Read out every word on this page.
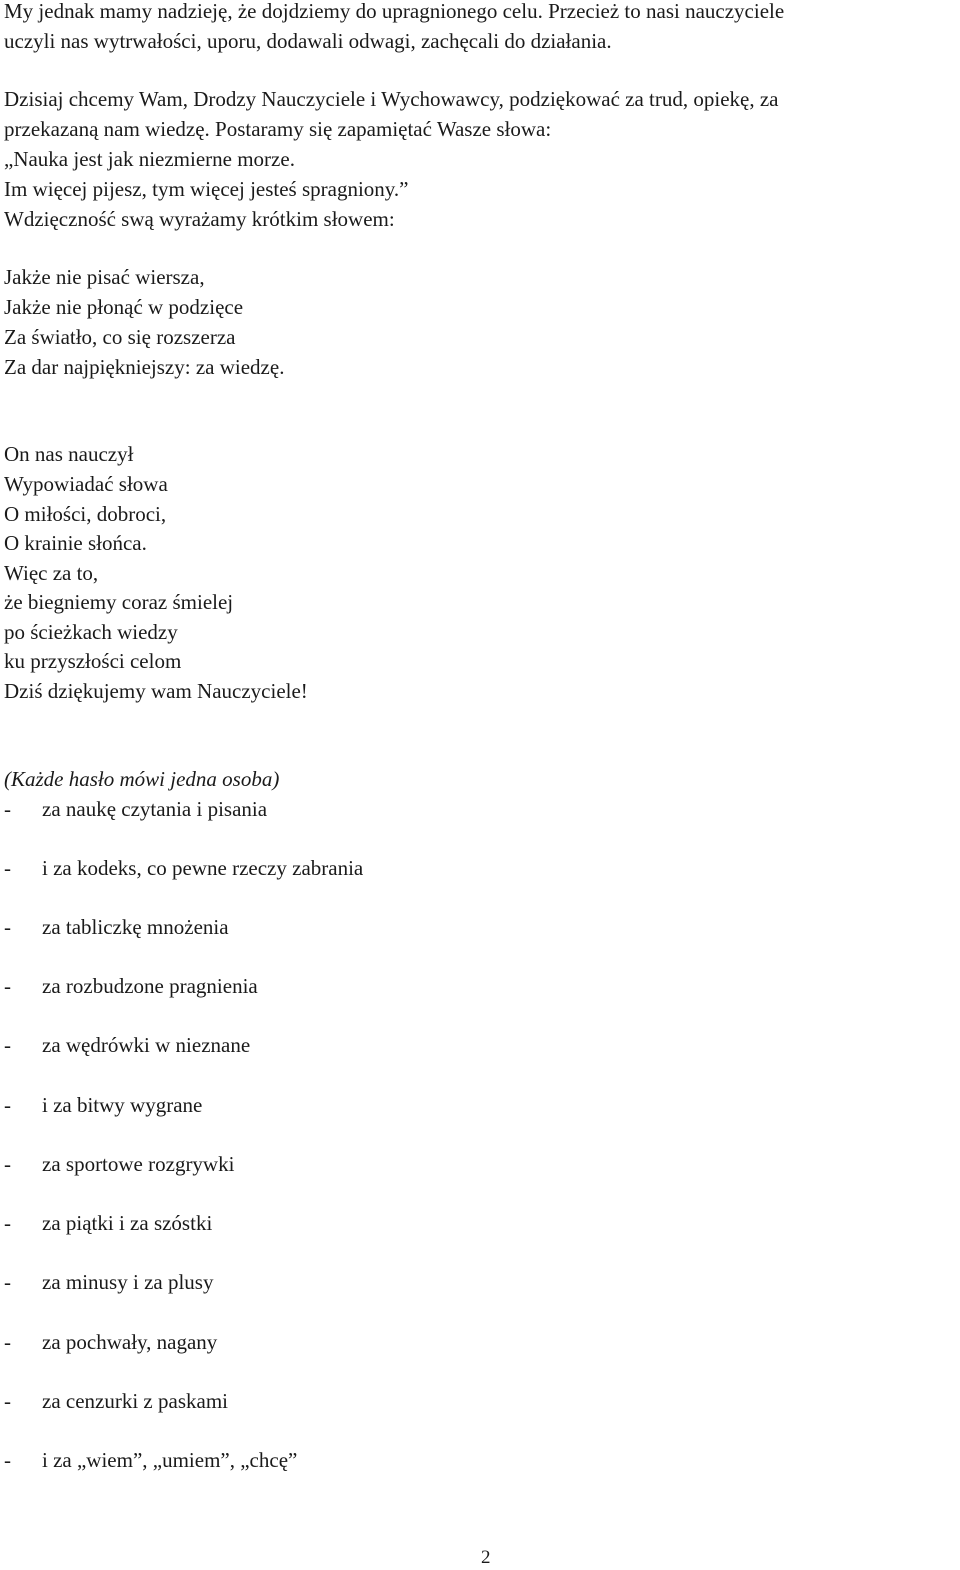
My jednak mamy nadzieję, że dojdziemy do upragnionego celu. Przecież to nasi nauczyciele
uczyli nas wytrwałości, uporu, dodawali odwagi, zachęcali do działania.
Dzisiaj chcemy Wam, Drodzy Nauczyciele i Wychowawcy, podziękować za trud, opiekę, za
przekazaną nam wiedzę. Postaramy się zapamiętać Wasze słowa:
„Nauka jest jak niezmierne morze.
Im więcej pijesz, tym więcej jesteś spragniony.”
Wdzięczność swą wyrażamy krótkim słowem:
Jakże nie pisać wiersza,
Jakże nie płonąć w podzięce
Za światło, co się rozszerza
Za dar najpiękniejszy: za wiedzę.
On nas nauczył
Wypowiadać słowa
O miłości, dobroci,
O krainie słońca.
Więc za to,
że biegniemy coraz śmielej
po ścieżkach wiedzy
ku przyszłości celom
Dziś dziękujemy wam Nauczyciele!
(Każde hasło mówi jedna osoba)
- za naukę czytania i pisania
- i za kodeks, co pewne rzeczy zabrania
- za tabliczkę mnożenia
- za rozbudzone pragnienia
- za wędrówki w nieznane
- i za bitwy wygrane
- za sportowe rozgrywki
- za piątki i za szóstki
- za minusy i za plusy
- za pochwały, nagany
- za cenzurki z paskami
- i za „wiem”, „umiem”, „chcę”
2
